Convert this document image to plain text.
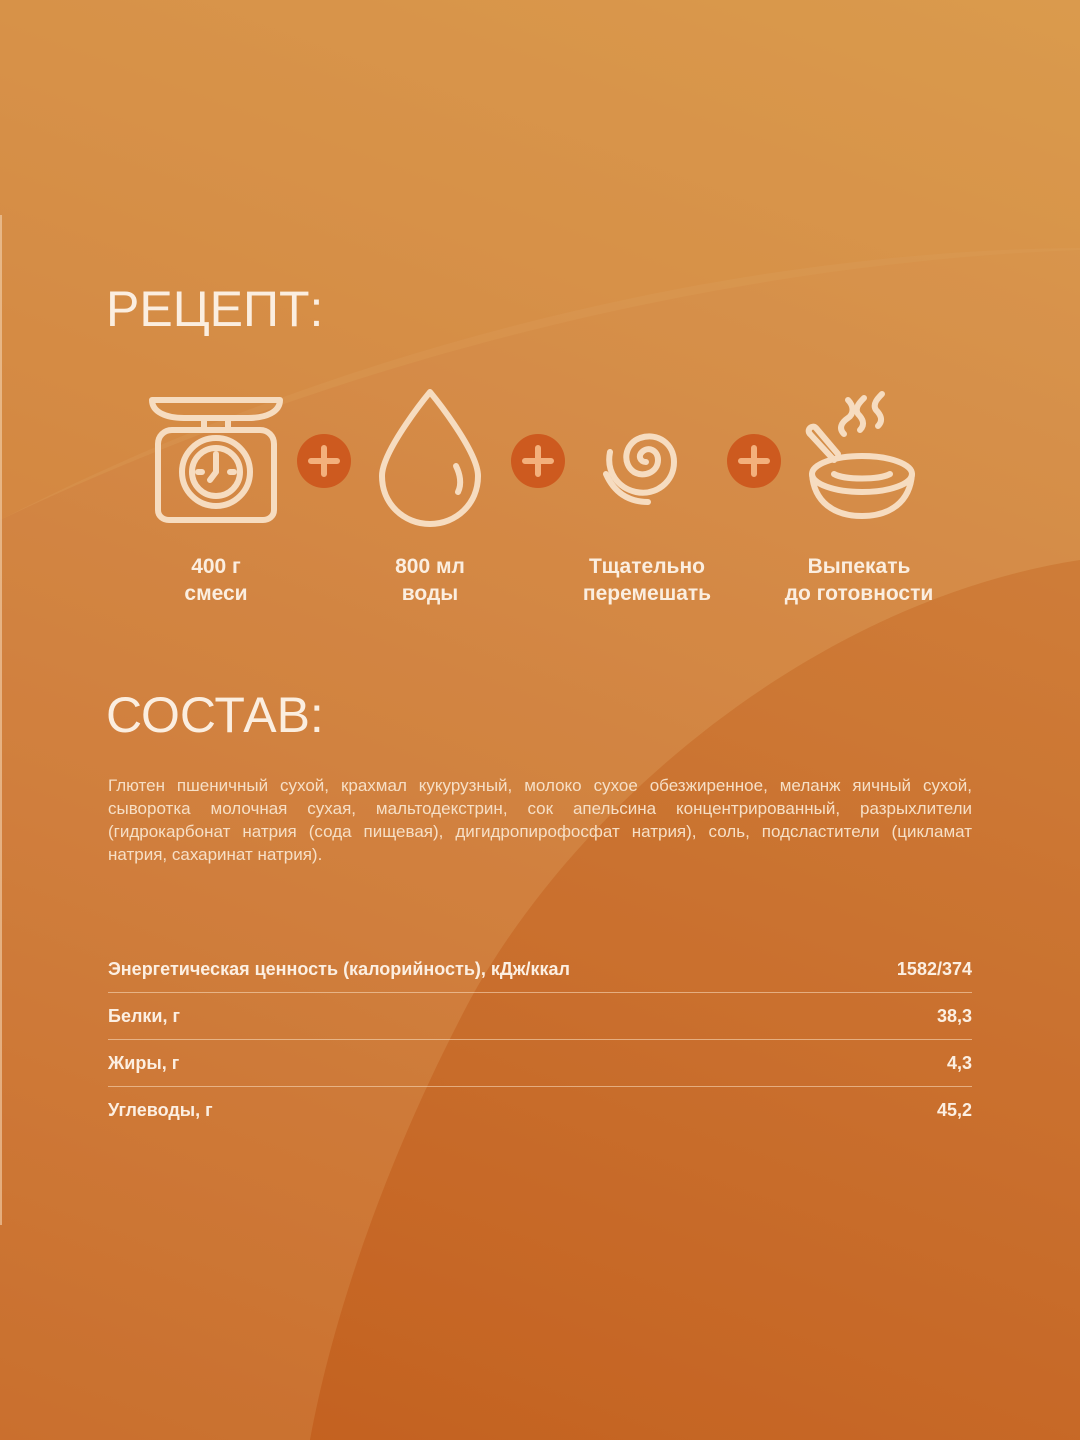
РЕЦЕПТ:
400 г
смеси
800 мл
воды
Тщательно
перемешать
Выпекать
до готовности
СОСТАВ:

Глютен пшеничный сухой, крахмал кукурузный, молоко сухое обезжиренное, меланж яичный сухой, сыворотка молочная сухая, мальтодекстрин, сок апельсина концентрированный, разрыхлители (гидрокарбонат натрия (сода пищевая), дигидропирофосфат натрия), соль, подсластители (цикламат натрия, сахаринат натрия).

Энергетическая ценность (калорийность), кДж/ккал	1582/374
Белки, г	38,3
Жиры, г	4,3
Углеводы, г	45,2
